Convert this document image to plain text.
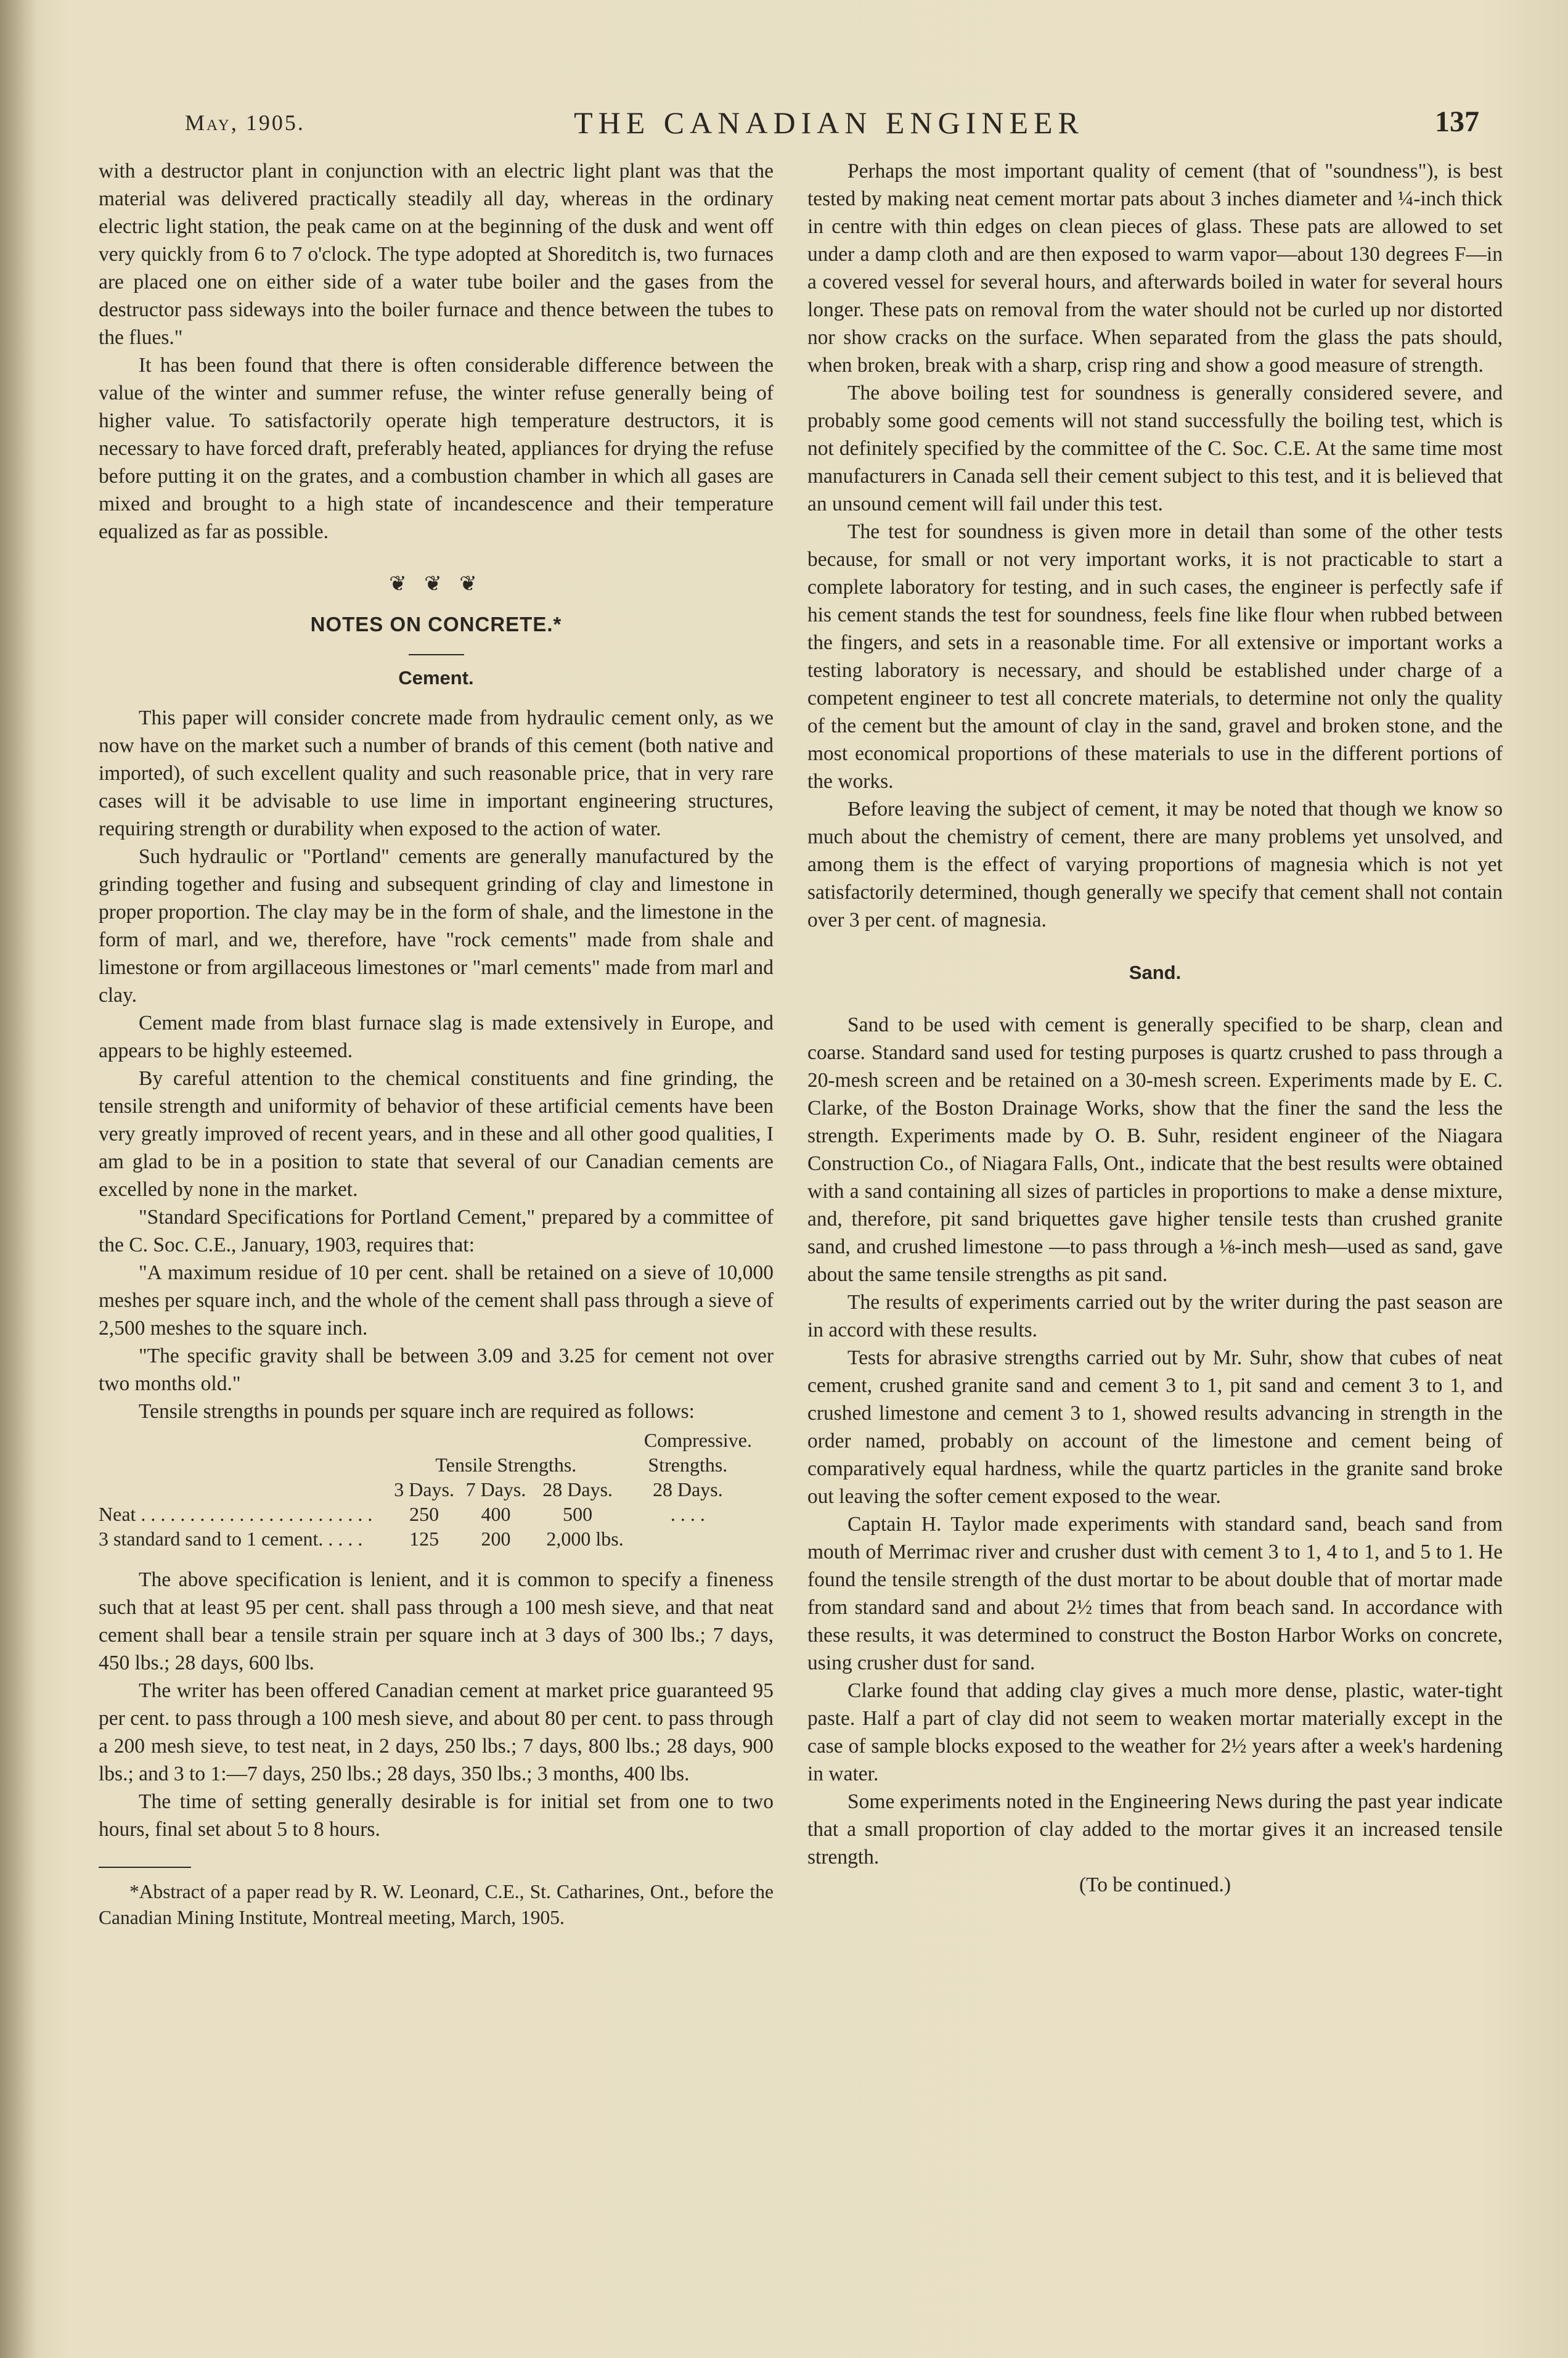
May, 1905.	THE CANADIAN ENGINEER	137

with a destructor plant in conjunction with an electric light plant was that the material was delivered practically steadily all day, whereas in the ordinary electric light station, the peak came on at the beginning of the dusk and went off very quickly from 6 to 7 o'clock. The type adopted at Shoreditch is, two furnaces are placed one on either side of a water tube boiler and the gases from the destructor pass sideways into the boiler furnace and thence between the tubes to the flues."

It has been found that there is often considerable difference between the value of the winter and summer refuse, the winter refuse generally being of higher value. To satisfactorily operate high temperature destructors, it is necessary to have forced draft, preferably heated, appliances for drying the refuse before putting it on the grates, and a combustion chamber in which all gases are mixed and brought to a high state of incandescence and their temperature equalized as far as possible.

❦ ❦ ❦
NOTES ON CONCRETE.*
Cement.

This paper will consider concrete made from hydraulic cement only, as we now have on the market such a number of brands of this cement (both native and imported), of such excellent quality and such reasonable price, that in very rare cases will it be advisable to use lime in important engineering structures, requiring strength or durability when exposed to the action of water.

Such hydraulic or "Portland" cements are generally manufactured by the grinding together and fusing and subsequent grinding of clay and limestone in proper proportion. The clay may be in the form of shale, and the limestone in the form of marl, and we, therefore, have "rock cements" made from shale and limestone or from argillaceous limestones or "marl cements" made from marl and clay.

Cement made from blast furnace slag is made extensively in Europe, and appears to be highly esteemed.

By careful attention to the chemical constituents and fine grinding, the tensile strength and uniformity of behavior of these artificial cements have been very greatly improved of recent years, and in these and all other good qualities, I am glad to be in a position to state that several of our Canadian cements are excelled by none in the market.

"Standard Specifications for Portland Cement," prepared by a committee of the C. Soc. C.E., January, 1903, requires that:

"A maximum residue of 10 per cent. shall be retained on a sieve of 10,000 meshes per square inch, and the whole of the cement shall pass through a sieve of 2,500 meshes to the square inch.

"The specific gravity shall be between 3.09 and 3.25 for cement not over two months old."

Tensile strengths in pounds per square inch are required as follows:

				Compressive.
	Tensile Strengths.			Strengths.
	3 Days.	7 Days.	28 Days.	28 Days.
Neat . . . . . . . . . . . . . . . . . . . . . . . .	250	400	500	. . . .
3 standard sand to 1 cement. . . . .	125	200	2,000 lbs.	

The above specification is lenient, and it is common to specify a fineness such that at least 95 per cent. shall pass through a 100 mesh sieve, and that neat cement shall bear a tensile strain per square inch at 3 days of 300 lbs.; 7 days, 450 lbs.; 28 days, 600 lbs.

The writer has been offered Canadian cement at market price guaranteed 95 per cent. to pass through a 100 mesh sieve, and about 80 per cent. to pass through a 200 mesh sieve, to test neat, in 2 days, 250 lbs.; 7 days, 800 lbs.; 28 days, 900 lbs.; and 3 to 1:—7 days, 250 lbs.; 28 days, 350 lbs.; 3 months, 400 lbs.

The time of setting generally desirable is for initial set from one to two hours, final set about 5 to 8 hours.

*Abstract of a paper read by R. W. Leonard, C.E., St. Catharines, Ont., before the Canadian Mining Institute, Montreal meeting, March, 1905.

Perhaps the most important quality of cement (that of "soundness"), is best tested by making neat cement mortar pats about 3 inches diameter and ¼-inch thick in centre with thin edges on clean pieces of glass. These pats are allowed to set under a damp cloth and are then exposed to warm vapor—about 130 degrees F—in a covered vessel for several hours, and afterwards boiled in water for several hours longer. These pats on removal from the water should not be curled up nor distorted nor show cracks on the surface. When separated from the glass the pats should, when broken, break with a sharp, crisp ring and show a good measure of strength.

The above boiling test for soundness is generally considered severe, and probably some good cements will not stand successfully the boiling test, which is not definitely specified by the committee of the C. Soc. C.E. At the same time most manufacturers in Canada sell their cement subject to this test, and it is believed that an unsound cement will fail under this test.

The test for soundness is given more in detail than some of the other tests because, for small or not very important works, it is not practicable to start a complete laboratory for testing, and in such cases, the engineer is perfectly safe if his cement stands the test for soundness, feels fine like flour when rubbed between the fingers, and sets in a reasonable time. For all extensive or important works a testing laboratory is necessary, and should be established under charge of a competent engineer to test all concrete materials, to determine not only the quality of the cement but the amount of clay in the sand, gravel and broken stone, and the most economical proportions of these materials to use in the different portions of the works.

Before leaving the subject of cement, it may be noted that though we know so much about the chemistry of cement, there are many problems yet unsolved, and among them is the effect of varying proportions of magnesia which is not yet satisfactorily determined, though generally we specify that cement shall not contain over 3 per cent. of magnesia.

Sand.

Sand to be used with cement is generally specified to be sharp, clean and coarse. Standard sand used for testing purposes is quartz crushed to pass through a 20-mesh screen and be retained on a 30-mesh screen. Experiments made by E. C. Clarke, of the Boston Drainage Works, show that the finer the sand the less the strength. Experiments made by O. B. Suhr, resident engineer of the Niagara Construction Co., of Niagara Falls, Ont., indicate that the best results were obtained with a sand containing all sizes of particles in proportions to make a dense mixture, and, therefore, pit sand briquettes gave higher tensile tests than crushed granite sand, and crushed limestone —to pass through a ⅛-inch mesh—used as sand, gave about the same tensile strengths as pit sand.

The results of experiments carried out by the writer during the past season are in accord with these results.

Tests for abrasive strengths carried out by Mr. Suhr, show that cubes of neat cement, crushed granite sand and cement 3 to 1, pit sand and cement 3 to 1, and crushed limestone and cement 3 to 1, showed results advancing in strength in the order named, probably on account of the limestone and cement being of comparatively equal hardness, while the quartz particles in the granite sand broke out leaving the softer cement exposed to the wear.

Captain H. Taylor made experiments with standard sand, beach sand from mouth of Merrimac river and crusher dust with cement 3 to 1, 4 to 1, and 5 to 1. He found the tensile strength of the dust mortar to be about double that of mortar made from standard sand and about 2½ times that from beach sand. In accordance with these results, it was determined to construct the Boston Harbor Works on concrete, using crusher dust for sand.

Clarke found that adding clay gives a much more dense, plastic, water-tight paste. Half a part of clay did not seem to weaken mortar materially except in the case of sample blocks exposed to the weather for 2½ years after a week's hardening in water.

Some experiments noted in the Engineering News during the past year indicate that a small proportion of clay added to the mortar gives it an increased tensile strength.

(To be continued.)
